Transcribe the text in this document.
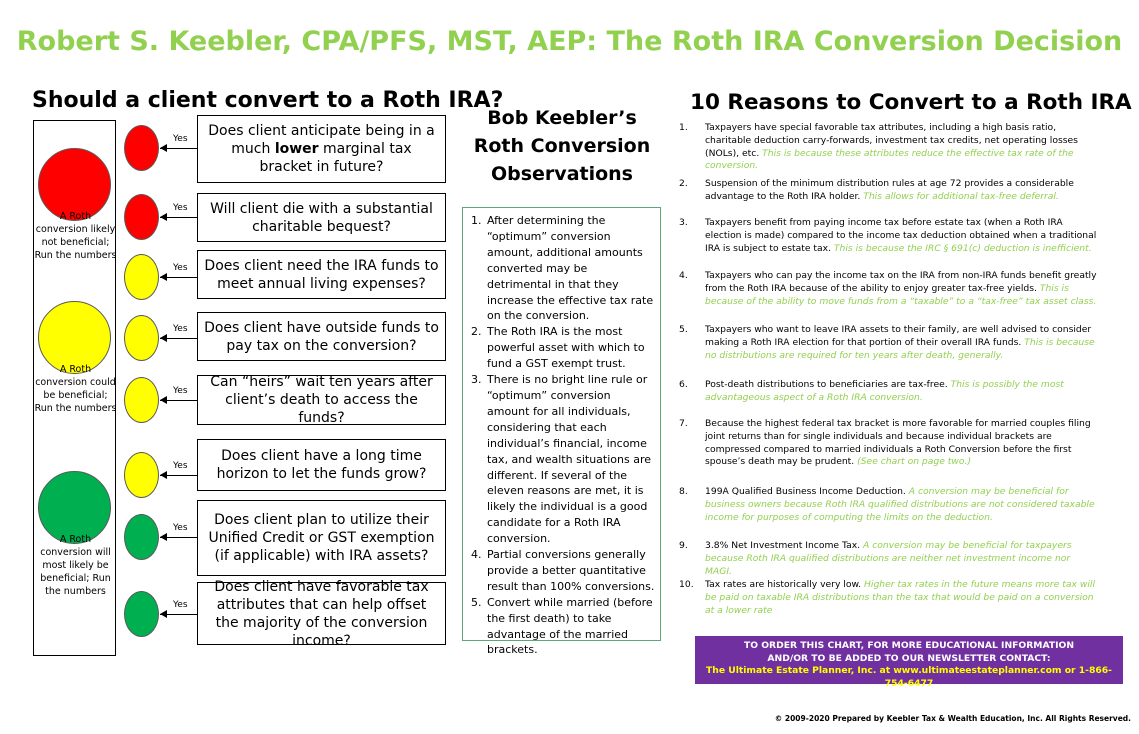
Robert S. Keebler, CPA/PFS, MST, AEP: The Roth IRA Conversion Decision
Should a client convert to a Roth IRA?
A Roth conversion likely not beneficial; Run the numbers
A Roth conversion could be beneficial; Run the numbers
A Roth conversion will most likely be beneficial; Run the numbers
Yes	Does client anticipate being in a much lower marginal tax bracket in future?
Yes	Will client die with a substantial charitable bequest?
Yes Does client need the IRA funds to meet annual living expenses?
Yes Does client have outside funds to pay tax on the conversion?
Yes
Can “heirs” wait ten years after client’s death to access the funds?
Yes
Does client have a long time horizon to let the funds grow?
Yes	Does client plan to utilize their Unified Credit or GST exemption (if applicable) with IRA assets?
Yes
Does client have favorable tax attributes that can help offset the majority of the conversion income?
Bob Keebler’s Roth Conversion Observations
1. After determining the “optimum” conversion amount, additional amounts converted may be detrimental in that they increase the effective tax rate on the conversion.
2. The Roth IRA is the most powerful asset with which to fund a GST exempt trust.
3. There is no bright line rule or “optimum” conversion amount for all individuals, considering that each individual’s financial, income tax, and wealth situations are different. If several of the eleven reasons are met, it is likely the individual is a good candidate for a Roth IRA conversion.
4. Partial conversions generally provide a better quantitative result than 100% conversions.
5. Convert while married (before the first death) to take advantage of the married brackets.
10 Reasons to Convert to a Roth IRA
1. Taxpayers have special favorable tax attributes, including a high basis ratio, charitable deduction carry-forwards, investment tax credits, net operating losses (NOLs), etc. This is because these attributes reduce the effective tax rate of the conversion.
2. Suspension of the minimum distribution rules at age 72 provides a considerable advantage to the Roth IRA holder. This allows for additional tax-free deferral.
3. Taxpayers benefit from paying income tax before estate tax (when a Roth IRA election is made) compared to the income tax deduction obtained when a traditional IRA is subject to estate tax. This is because the IRC § 691(c) deduction is inefficient.
4. Taxpayers who can pay the income tax on the IRA from non-IRA funds benefit greatly from the Roth IRA because of the ability to enjoy greater tax-free yields. This is because of the ability to move funds from a “taxable” to a “tax-free” tax asset class.
5. Taxpayers who want to leave IRA assets to their family, are well advised to consider making a Roth IRA election for that portion of their overall IRA funds. This is because no distributions are required for ten years after death, generally.
6. Post-death distributions to beneficiaries are tax-free. This is possibly the most advantageous aspect of a Roth IRA conversion.
7. Because the highest federal tax bracket is more favorable for married couples filing joint returns than for single individuals and because individual brackets are compressed compared to married individuals a Roth Conversion before the first spouse’s death may be prudent. (See chart on page two.)
8. 199A Qualified Business Income Deduction. A conversion may be beneficial for business owners because Roth IRA qualified distributions are not considered taxable income for purposes of computing the limits on the deduction.
9. 3.8% Net Investment Income Tax. A conversion may be beneficial for taxpayers because Roth IRA qualified distributions are neither net investment income nor MAGI.
10. Tax rates are historically very low. Higher tax rates in the future means more tax will be paid on taxable IRA distributions than the tax that would be paid on a conversion at a lower rate
TO ORDER THIS CHART, FOR MORE EDUCATIONAL INFORMATION
AND/OR TO BE ADDED TO OUR NEWSLETTER CONTACT:
The Ultimate Estate Planner, Inc. at www.ultimateestateplanner.com or 1-866-754-6477
© 2009-2020 Prepared by Keebler Tax & Wealth Education, Inc. All Rights Reserved.
